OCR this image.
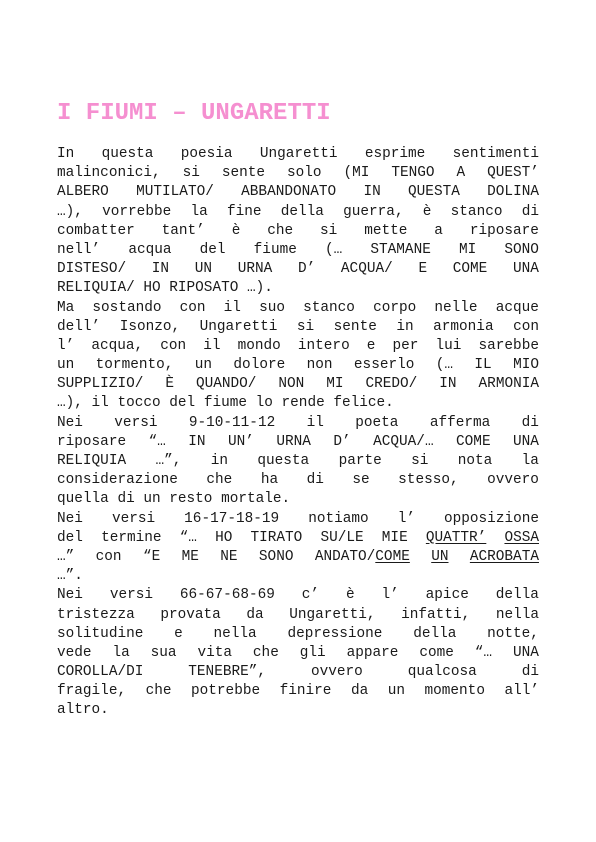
I FIUMI – UNGARETTI
In questa poesia Ungaretti esprime sentimenti
malinconici, si sente solo (MI TENGO A QUEST’
ALBERO MUTILATO/ ABBANDONATO IN QUESTA DOLINA
…), vorrebbe la fine della guerra, è stanco di
combatter tant’ è che si mette a riposare
nell’ acqua del fiume (… STAMANE MI SONO
DISTESO/ IN UN URNA D’ ACQUA/ E COME UNA
RELIQUIA/ HO RIPOSATO …).
Ma sostando con il suo stanco corpo nelle acque
dell’ Isonzo, Ungaretti si sente in armonia con
l’ acqua, con il mondo intero e per lui sarebbe
un tormento, un dolore non esserlo (… IL MIO
SUPPLIZIO/ È QUANDO/ NON MI CREDO/ IN ARMONIA
…), il tocco del fiume lo rende felice.
Nei versi 9-10-11-12 il poeta afferma di
riposare “… IN UN’ URNA D’ ACQUA/… COME UNA
RELIQUIA …”, in questa parte si nota la
considerazione che ha di se stesso, ovvero
quella di un resto mortale.
Nei versi 16-17-18-19 notiamo l’ opposizione
del termine “… HO TIRATO SU/LE MIE QUATTR’ OSSA
…” con “E ME NE SONO ANDATO/COME UN ACROBATA
…”.
Nei versi 66-67-68-69 c’ è l’ apice della
tristezza provata da Ungaretti, infatti, nella
solitudine e nella depressione della notte,
vede la sua vita che gli appare come “… UNA
COROLLA/DI	TENEBRE”,	ovvero	qualcosa	di
fragile, che potrebbe finire da un momento all’
altro.
